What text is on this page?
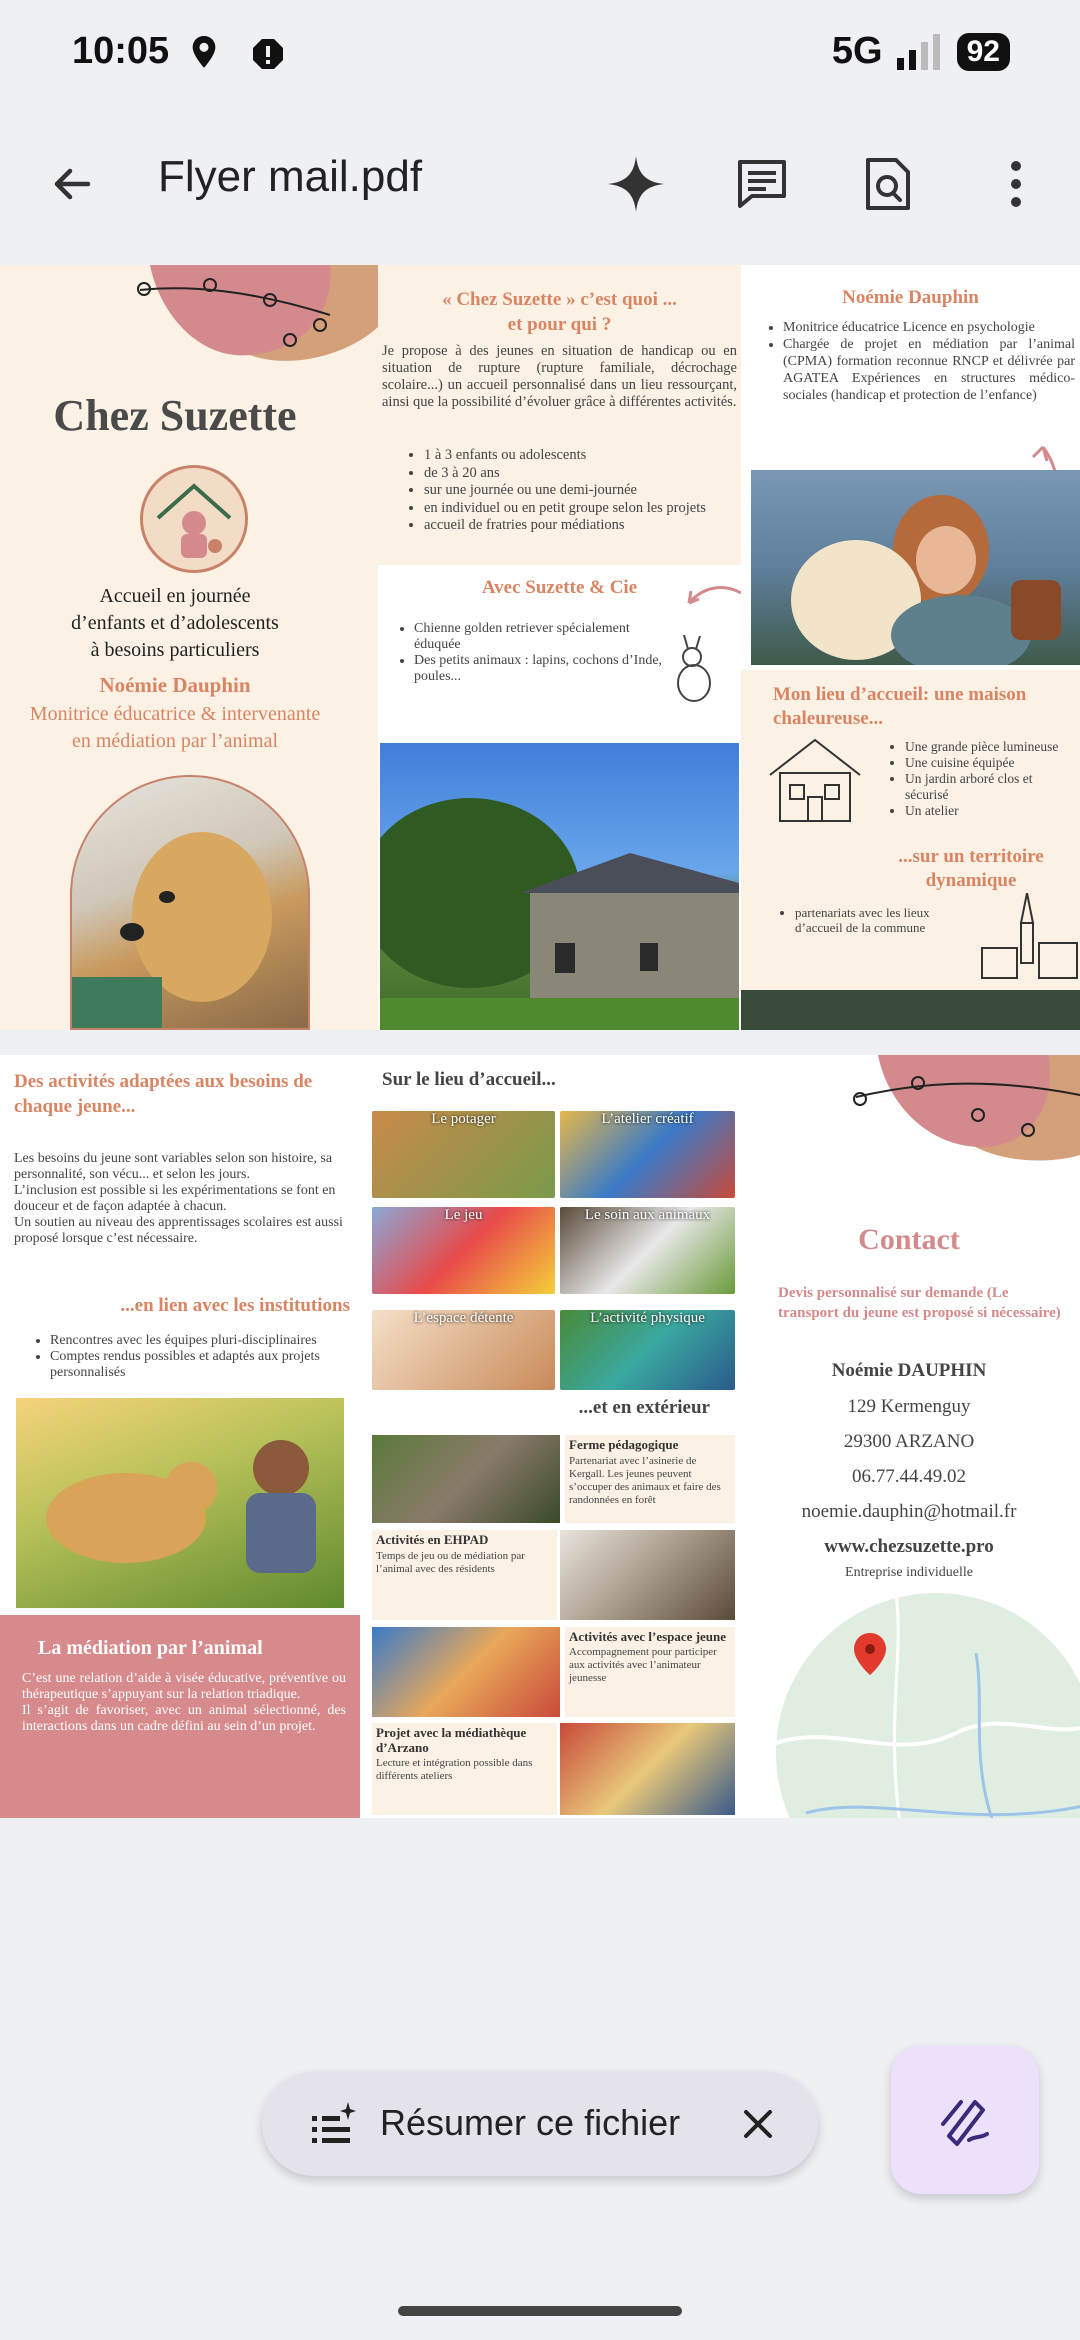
10:05	5G	92
Flyer mail.pdf
Chez Suzette
Accueil en journée
d’enfants et d’adolescents
à besoins particuliers
Noémie Dauphin
Monitrice éducatrice & intervenante
en médiation par l’animal
« Chez Suzette » c’est quoi ...
et pour qui ?
Je propose à des jeunes en situation de handicap ou en situation de rupture (rupture familiale, décrochage scolaire...) un accueil personnalisé dans un lieu ressourçant, ainsi que la possibilité d’évoluer grâce à différentes activités.
• 1 à 3 enfants ou adolescents
• de 3 à 20 ans
• sur une journée ou une demi-journée
• en individuel ou en petit groupe selon les projets
• accueil de fratries pour médiations
Avec Suzette & Cie
• Chienne golden retriever spécialement éduquée
• Des petits animaux : lapins, cochons d’Inde, poules...
Noémie Dauphin
• Monitrice éducatrice Licence en psychologie
• Chargée de projet en médiation par l’animal (CPMA) formation reconnue RNCP et délivrée par AGATEA Expériences en structures médico-sociales (handicap et protection de l’enfance)
Mon lieu d’accueil: une maison chaleureuse...
• Une grande pièce lumineuse
• Une cuisine équipée
• Un jardin arboré clos et sécurisé
• Un atelier
...sur un territoire dynamique
• partenariats avec les lieux d’accueil de la commune
Des activités adaptées aux besoins de chaque jeune...
Les besoins du jeune sont variables selon son histoire, sa personnalité, son vécu... et selon les jours.
L’inclusion est possible si les expérimentations se font en douceur et de façon adaptée à chacun.
Un soutien au niveau des apprentissages scolaires est aussi proposé lorsque c’est nécessaire.
...en lien avec les institutions
• Rencontres avec les équipes pluri-disciplinaires
• Comptes rendus possibles et adaptés aux projets personnalisés
La médiation par l’animal
C’est une relation d’aide à visée éducative, préventive ou thérapeutique s’appuyant sur la relation triadique.
Il s’agit de favoriser, avec un animal sélectionné, des interactions dans un cadre défini au sein d’un projet.
Sur le lieu d’accueil...
Le potager	L’atelier créatif
Le jeu	Le soin aux animaux
L’espace détente	L’activité physique
...et en extérieur
Ferme pédagogique
Partenariat avec l’asinerie de Kergall. Les jeunes peuvent s’occuper des animaux et faire des randonnées en forêt
Activités en EHPAD
Temps de jeu ou de médiation par l’animal avec des résidents
Activités avec l’espace jeune
Accompagnement pour participer aux activités avec l’animateur jeunesse
Projet avec la médiathèque d’Arzano
Lecture et intégration possible dans différents ateliers
Contact
Devis personnalisé sur demande (Le transport du jeune est proposé si nécessaire)
Noémie DAUPHIN
129 Kermenguy
29300 ARZANO
06.77.44.49.02
noemie.dauphin@hotmail.fr
www.chezsuzette.pro
Entreprise individuelle
Résumer ce fichier
